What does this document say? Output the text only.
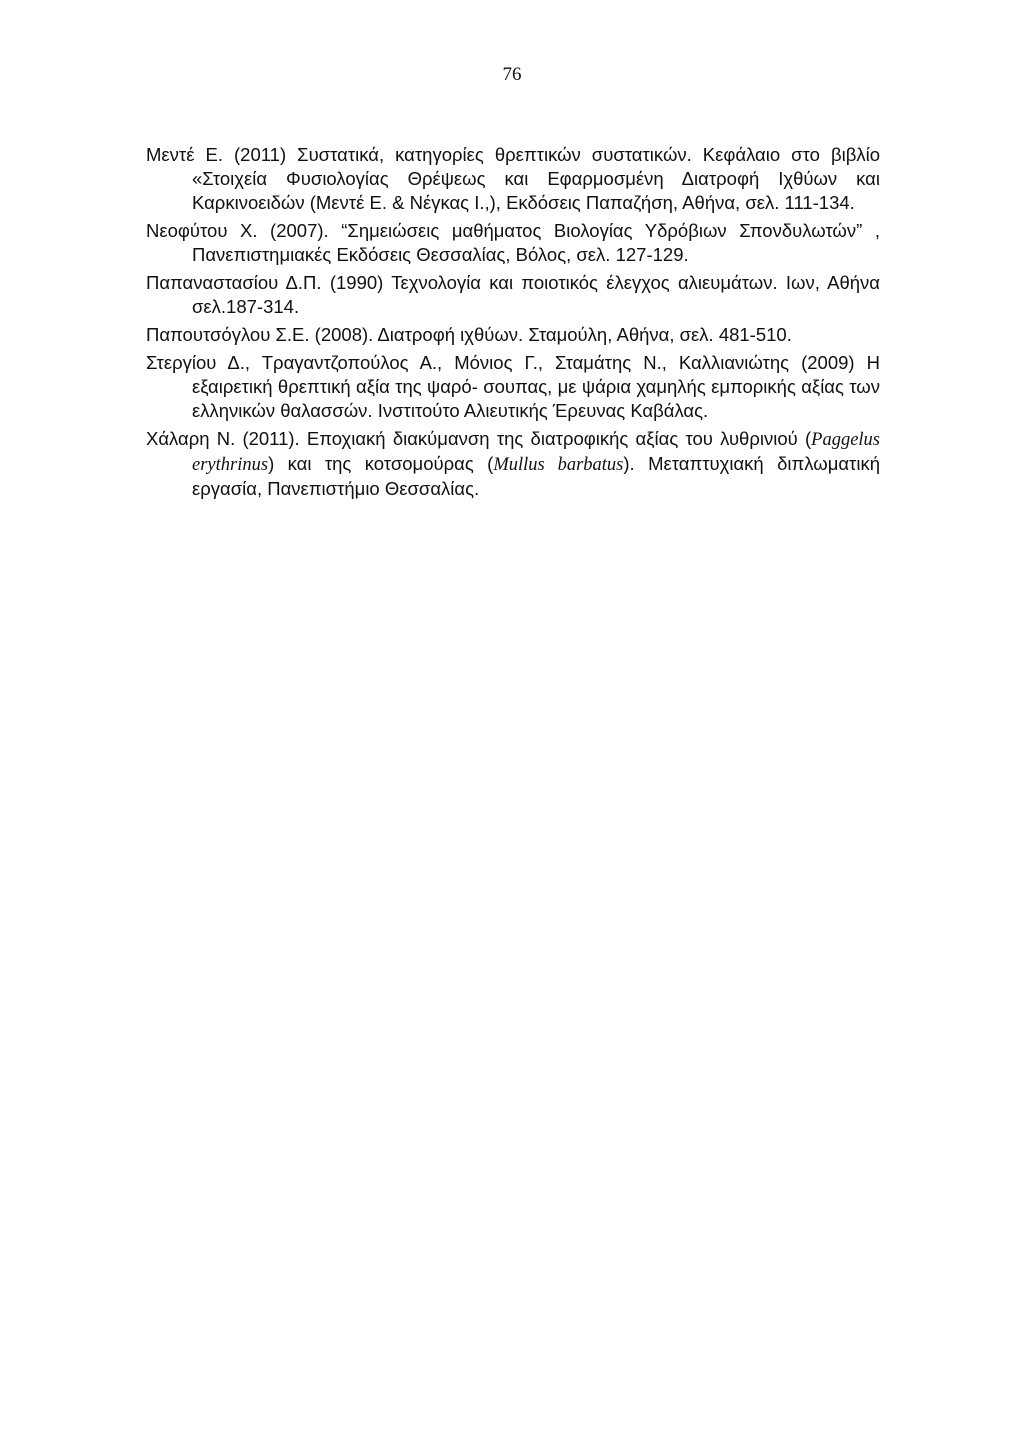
76

Μεντέ Ε. (2011) Συστατικά, κατηγορίες θρεπτικών συστατικών. Κεφάλαιο στο βιβλίο «Στοιχεία Φυσιολογίας Θρέψεως και Εφαρμοσμένη Διατροφή Ιχθύων και Καρκινοειδών (Μεντέ Ε. & Νέγκας Ι.,), Εκδόσεις Παπαζήση, Αθήνα, σελ. 111-134.

Νεοφύτου Χ. (2007). “Σημειώσεις μαθήματος Βιολογίας Υδρόβιων Σπονδυλωτών” , Πανεπιστημιακές Εκδόσεις Θεσσαλίας, Βόλος, σελ. 127-129.

Παπαναστασίου Δ.Π. (1990) Τεχνολογία και ποιοτικός έλεγχος αλιευμάτων. Ιων, Αθήνα σελ.187-314.

Παπουτσόγλου Σ.Ε. (2008). Διατροφή ιχθύων. Σταμούλη, Αθήνα, σελ. 481-510.

Στεργίου Δ., Τραγαντζοπούλος Α., Μόνιος Γ., Σταμάτης Ν., Καλλιανιώτης (2009) Η εξαιρετική θρεπτική αξία της ψαρό- σουπας, με ψάρια χαμηλής εμπορικής αξίας των ελληνικών θαλασσών. Ινστιτούτο Αλιευτικής Έρευνας Καβάλας.

Χάλαρη Ν. (2011). Εποχιακή διακύμανση της διατροφικής αξίας του λυθρινιού (Paggelus erythrinus) και της κοτσομούρας (Mullus barbatus). Μεταπτυχιακή διπλωματική εργασία, Πανεπιστήμιο Θεσσαλίας.
